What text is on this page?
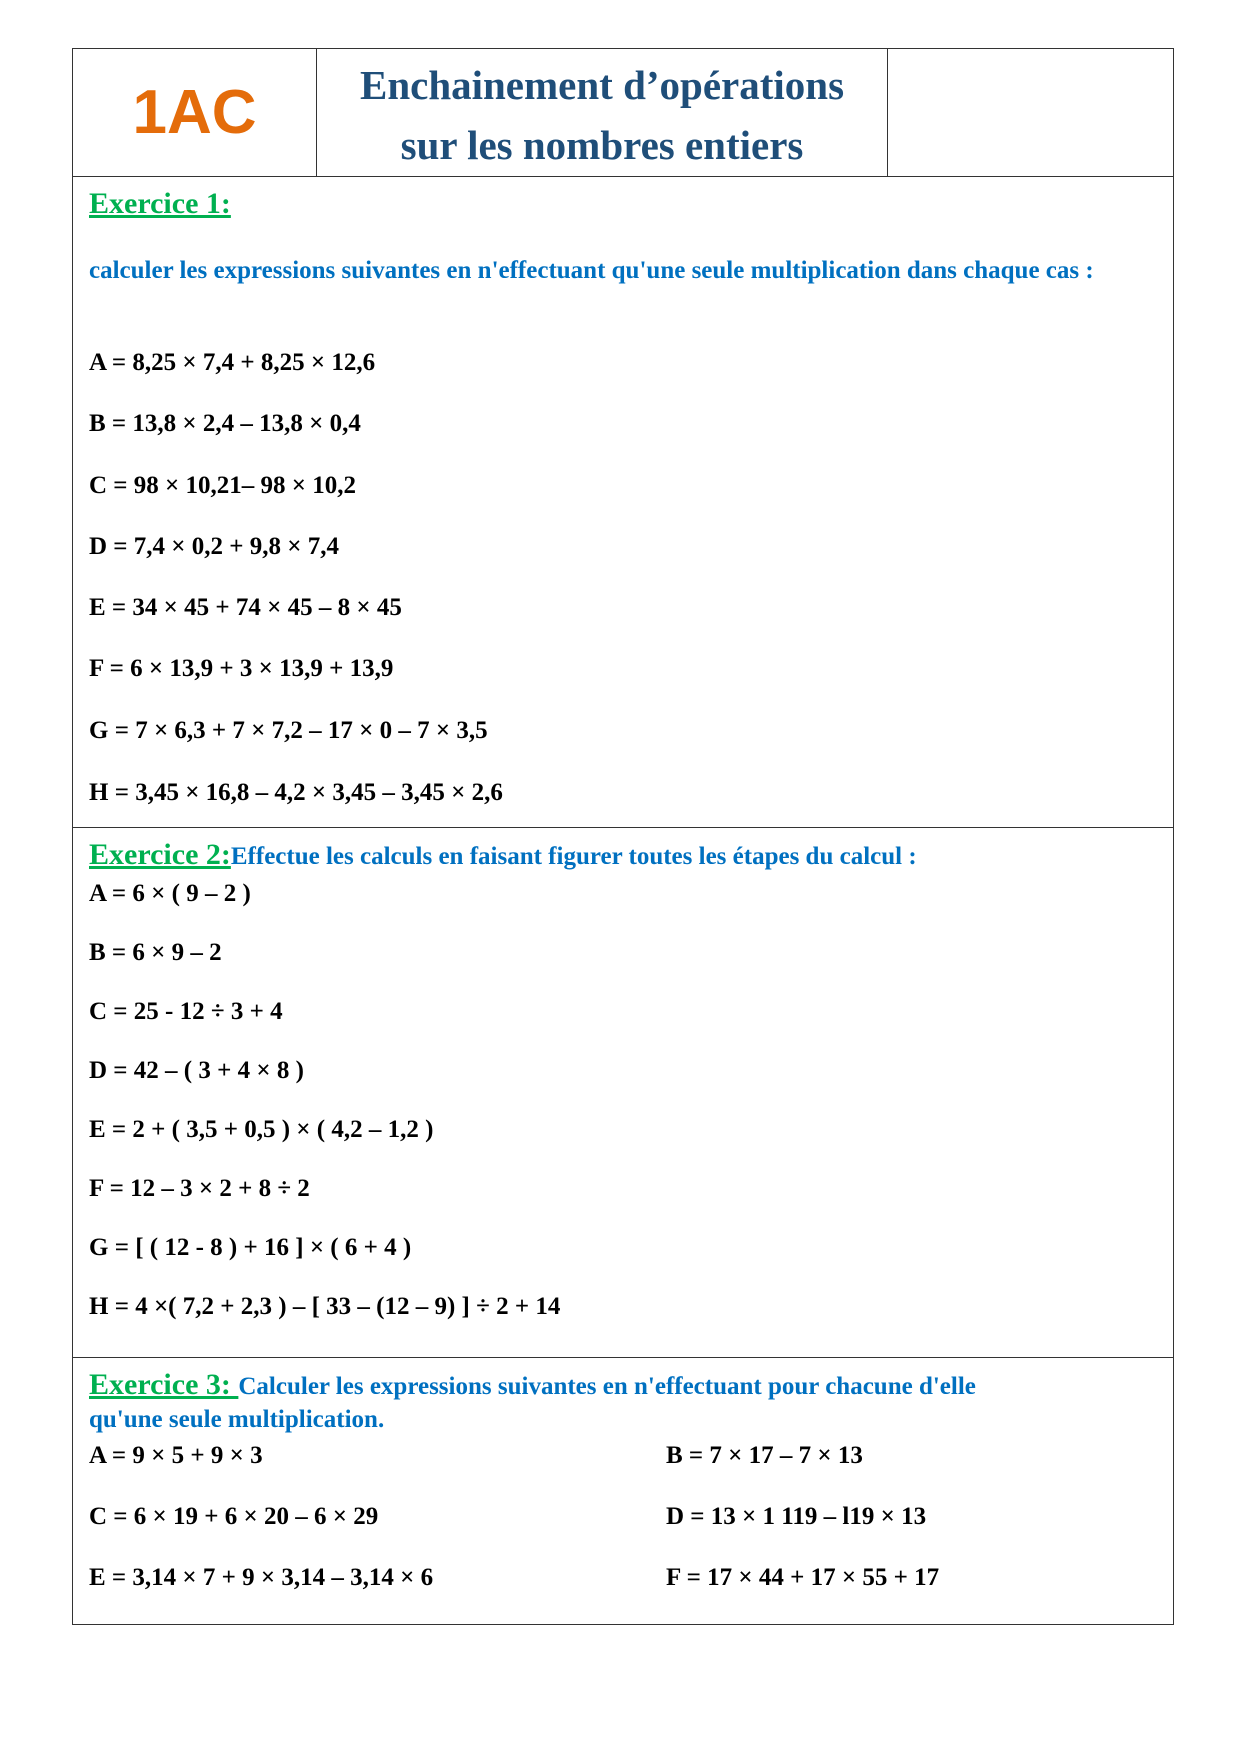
1AC	Enchainement d’opérations
sur les nombres entiers
Exercice 1:
calculer les expressions suivantes en n'effectuant qu'une seule multiplication dans chaque cas :
A = 8,25 × 7,4 + 8,25 × 12,6
B = 13,8 × 2,4 – 13,8 × 0,4
C = 98 × 10,21– 98 × 10,2
D = 7,4 × 0,2 + 9,8 × 7,4
E = 34 × 45 + 74 × 45 – 8 × 45
F = 6 × 13,9 + 3 × 13,9 + 13,9
G = 7 × 6,3 + 7 × 7,2 – 17 × 0 – 7 × 3,5
H = 3,45 × 16,8 – 4,2 × 3,45 – 3,45 × 2,6
Exercice 2:Effectue les calculs en faisant figurer toutes les étapes du calcul :
A = 6 × ( 9 – 2 )
B = 6 × 9 – 2
C = 25 - 12 ÷ 3 + 4
D = 42 – ( 3 + 4 × 8 )
E = 2 + ( 3,5 + 0,5 ) × ( 4,2 – 1,2 )
F = 12 – 3 × 2 + 8 ÷ 2
G = [ ( 12 - 8 ) + 16 ] × ( 6 + 4 )
H = 4 ×( 7,2 + 2,3 ) – [ 33 – (12 – 9) ] ÷ 2 + 14
Exercice 3: Calculer les expressions suivantes en n'effectuant pour chacune d'elle
qu'une seule multiplication.
A = 9 × 5 + 9 × 3
C = 6 × 19 + 6 × 20 – 6 × 29
E = 3,14 × 7 + 9 × 3,14 – 3,14 × 6
B = 7 × 17 – 7 × 13
D = 13 × 1 119 – l19 × 13
F = 17 × 44 + 17 × 55 + 17
